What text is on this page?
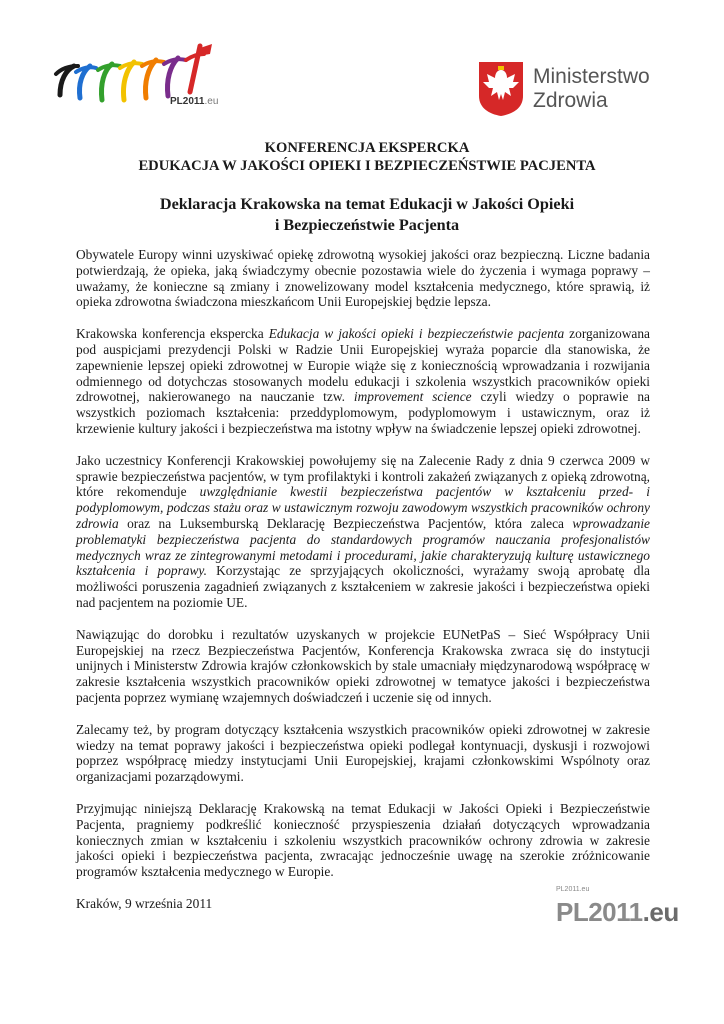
PL2011.eu
Ministerstwo
Zdrowia
KONFERENCJA EKSPERCKA
EDUKACJA W JAKOŚCI OPIEKI I BEZPIECZEŃSTWIE PACJENTA
Deklaracja Krakowska na temat Edukacji w Jakości Opieki
i Bezpieczeństwie Pacjenta

Obywatele Europy winni uzyskiwać opiekę zdrowotną wysokiej jakości oraz bezpieczną. Liczne badania potwierdzają, że opieka, jaką świadczymy obecnie pozostawia wiele do życzenia i wymaga poprawy – uważamy, że konieczne są zmiany i znowelizowany model kształcenia medycznego, które sprawią, iż opieka zdrowotna świadczona mieszkańcom Unii Europejskiej będzie lepsza.

Krakowska konferencja ekspercka Edukacja w jakości opieki i bezpieczeństwie pacjenta zorganizowana pod auspicjami prezydencji Polski w Radzie Unii Europejskiej wyraża poparcie dla stanowiska, że zapewnienie lepszej opieki zdrowotnej w Europie wiąże się z koniecznością wprowadzania i rozwijania odmiennego od dotychczas stosowanych modelu edukacji i szkolenia wszystkich pracowników opieki zdrowotnej, nakierowanego na nauczanie tzw. improvement science czyli wiedzy o poprawie na wszystkich poziomach kształcenia: przeddyplomowym, podyplomowym i ustawicznym, oraz iż krzewienie kultury jakości i bezpieczeństwa ma istotny wpływ na świadczenie lepszej opieki zdrowotnej.

Jako uczestnicy Konferencji Krakowskiej powołujemy się na Zalecenie Rady z dnia 9 czerwca 2009 w sprawie bezpieczeństwa pacjentów, w tym profilaktyki i kontroli zakażeń związanych z opieką zdrowotną, które rekomenduje uwzględnianie kwestii bezpieczeństwa pacjentów w kształceniu przed- i podyplomowym, podczas stażu oraz w ustawicznym rozwoju zawodowym wszystkich pracowników ochrony zdrowia oraz na Luksemburską Deklarację Bezpieczeństwa Pacjentów, która zaleca wprowadzanie problematyki bezpieczeństwa pacjenta do standardowych programów nauczania profesjonalistów medycznych wraz ze zintegrowanymi metodami i procedurami, jakie charakteryzują kulturę ustawicznego kształcenia i poprawy. Korzystając ze sprzyjających okoliczności, wyrażamy swoją aprobatę dla możliwości poruszenia zagadnień związanych z kształceniem w zakresie jakości i bezpieczeństwa opieki nad pacjentem na poziomie UE.

Nawiązując do dorobku i rezultatów uzyskanych w projekcie EUNetPaS – Sieć Współpracy Unii Europejskiej na rzecz Bezpieczeństwa Pacjentów, Konferencja Krakowska zwraca się do instytucji unijnych i Ministerstw Zdrowia krajów członkowskich by stale umacniały międzynarodową współpracę w zakresie kształcenia wszystkich pracowników opieki zdrowotnej w tematyce jakości i bezpieczeństwa pacjenta poprzez wymianę wzajemnych doświadczeń i uczenie się od innych.

Zalecamy też, by program dotyczący kształcenia wszystkich pracowników opieki zdrowotnej w zakresie wiedzy na temat poprawy jakości i bezpieczeństwa opieki podlegał kontynuacji, dyskusji i rozwojowi poprzez współpracę miedzy instytucjami Unii Europejskiej, krajami członkowskimi Wspólnoty oraz organizacjami pozarządowymi.

Przyjmując niniejszą Deklarację Krakowską na temat Edukacji w Jakości Opieki i Bezpieczeństwie Pacjenta, pragniemy podkreślić konieczność przyspieszenia działań dotyczących wprowadzania koniecznych zmian w kształceniu i szkoleniu wszystkich pracowników ochrony zdrowia w zakresie jakości opieki i bezpieczeństwa pacjenta, zwracając jednocześnie uwagę na szerokie zróżnicowanie programów kształcenia medycznego w Europie.

Kraków, 9 września 2011

PL2011.eu
PL2011.eu
